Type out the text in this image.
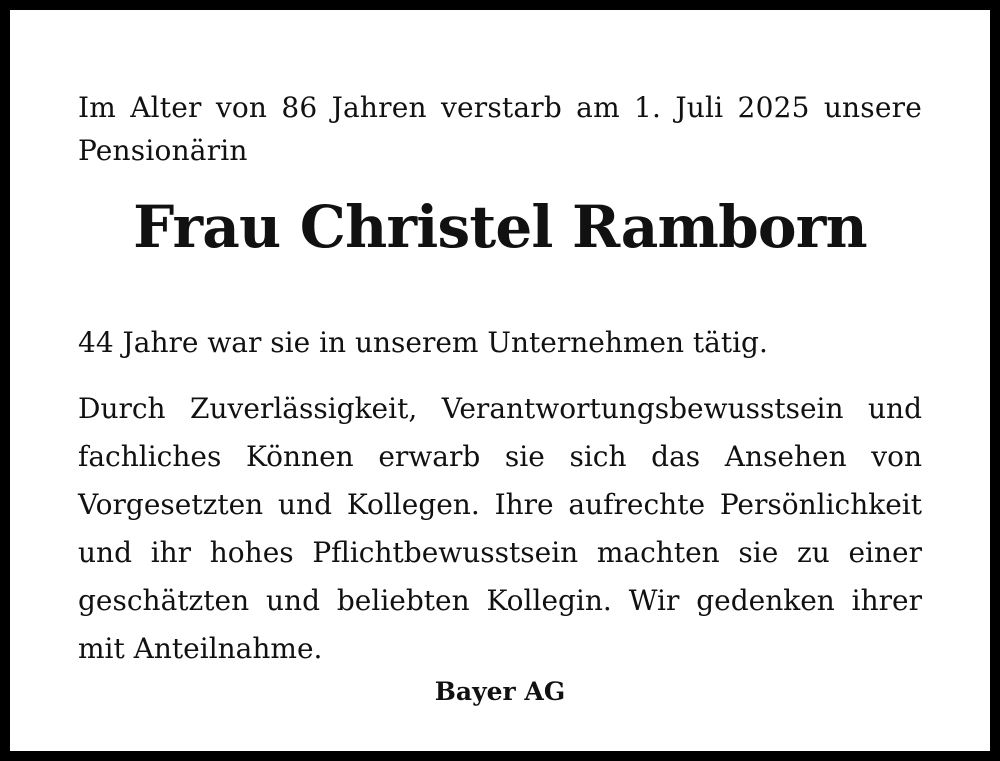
Im Alter von 86 Jahren verstarb am 1. Juli 2025 unsere Pensionärin

Frau Christel Ramborn

44 Jahre war sie in unserem Unternehmen tätig.

Durch Zuverlässigkeit, Verantwortungsbewusstsein und fachliches Können erwarb sie sich das Ansehen von Vorgesetzten und Kollegen. Ihre aufrechte Persönlichkeit und ihr hohes Pflichtbewusstsein machten sie zu einer geschätzten und beliebten Kollegin. Wir gedenken ihrer mit Anteilnahme.

Bayer AG
